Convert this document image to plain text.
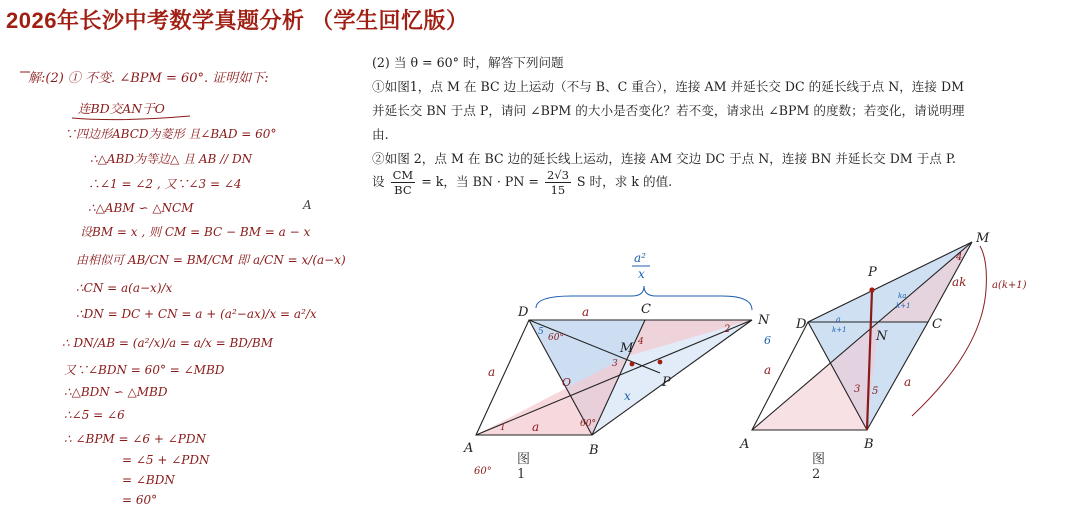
2026年长沙中考数学真题分析 （学生回忆版）
解:(2) ① 不变. ∠BPM = 60°. 证明如下:
连BD交AN于O
∵四边形ABCD为菱形 且∠BAD = 60°
∴△ABD为等边△ 且 AB // DN
∴∠1 = ∠2 , 又∵∠3 = ∠4
∴△ABM ∽ △NCM
设BM = x , 则 CM = BC − BM = a − x
由相似可 AB/CN = BM/CM 即 a/CN = x/(a−x)
∴CN = a(a−x)/x
∴DN = DC + CN = a + (a²−ax)/x = a²/x
∴ DN/AB = (a²/x)/a = a/x = BD/BM
又∵∠BDN = 60° = ∠MBD
∴△BDN ∽ △MBD
∴∠5 = ∠6
∴ ∠BPM = ∠6 + ∠PDN
= ∠5 + ∠PDN
= ∠BDN
= 60°
A
(2) 当 θ = 60° 时，解答下列问题
①如图1，点 M 在 BC 边上运动（不与 B、C 重合），连接 AM 并延长交 DC 的延长线于点 N，连接 DM
并延长交 BN 于点 P，请问 ∠BPM 的大小是否变化？若不变，请求出 ∠BPM 的度数；若变化，请说明理
由.
②如图 2，点 M 在 BC 边的延长线上运动，连接 AM 交边 DC 于点 N，连接 BN 并延长交 DM 于点 P.
设 $\frac{CM}{BC} = k$，当 BN · PN = $\frac{2√3}{15}$ S 时，求 k 的值.
a²
x
A	B
C
D
M
N
P
O
a
a
a
x
60°
60°
1
2
3
4
5
6
60°
图1
A	B
C
D
M
N
P
ak	a(k+1)
a
a
a
k+1
ka
k+1
3
4
5
图2
